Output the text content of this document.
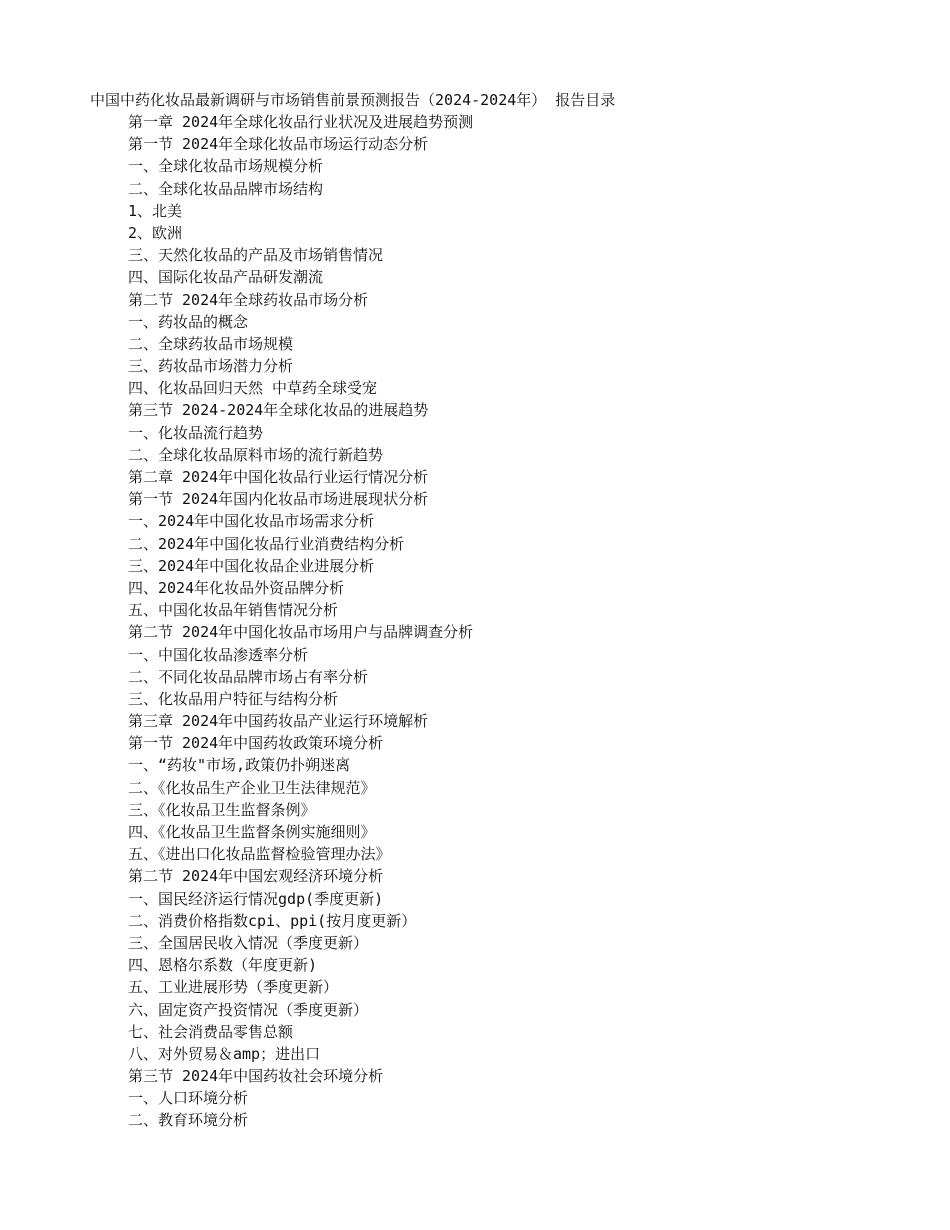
中国中药化妆品最新调研与市场销售前景预测报告（2024-2024年） 报告目录
第一章 2024年全球化妆品行业状况及进展趋势预测
第一节 2024年全球化妆品市场运行动态分析
一、全球化妆品市场规模分析
二、全球化妆品品牌市场结构
1、北美
2、欧洲
三、天然化妆品的产品及市场销售情况
四、国际化妆品产品研发潮流
第二节 2024年全球药妆品市场分析
一、药妆品的概念
二、全球药妆品市场规模
三、药妆品市场潜力分析
四、化妆品回归天然 中草药全球受宠
第三节 2024-2024年全球化妆品的进展趋势
一、化妆品流行趋势
二、全球化妆品原料市场的流行新趋势
第二章 2024年中国化妆品行业运行情况分析
第一节 2024年国内化妆品市场进展现状分析
一、2024年中国化妆品市场需求分析
二、2024年中国化妆品行业消费结构分析
三、2024年中国化妆品企业进展分析
四、2024年化妆品外资品牌分析
五、中国化妆品年销售情况分析
第二节 2024年中国化妆品市场用户与品牌调查分析
一、中国化妆品渗透率分析
二、不同化妆品品牌市场占有率分析
三、化妆品用户特征与结构分析
第三章 2024年中国药妆品产业运行环境解析
第一节 2024年中国药妆政策环境分析
一、“药妆"市场,政策仍扑朔迷离
二、《化妆品生产企业卫生法律规范》
三、《化妆品卫生监督条例》
四、《化妆品卫生监督条例实施细则》
五、《进出口化妆品监督检验管理办法》
第二节 2024年中国宏观经济环境分析
一、国民经济运行情况gdp(季度更新)
二、消费价格指数cpi、ppi(按月度更新）
三、全国居民收入情况（季度更新）
四、恩格尔系数（年度更新)
五、工业进展形势（季度更新）
六、固定资产投资情况（季度更新）
七、社会消费品零售总额
八、对外贸易＆amp；进出口
第三节 2024年中国药妆社会环境分析
一、人口环境分析
二、教育环境分析
